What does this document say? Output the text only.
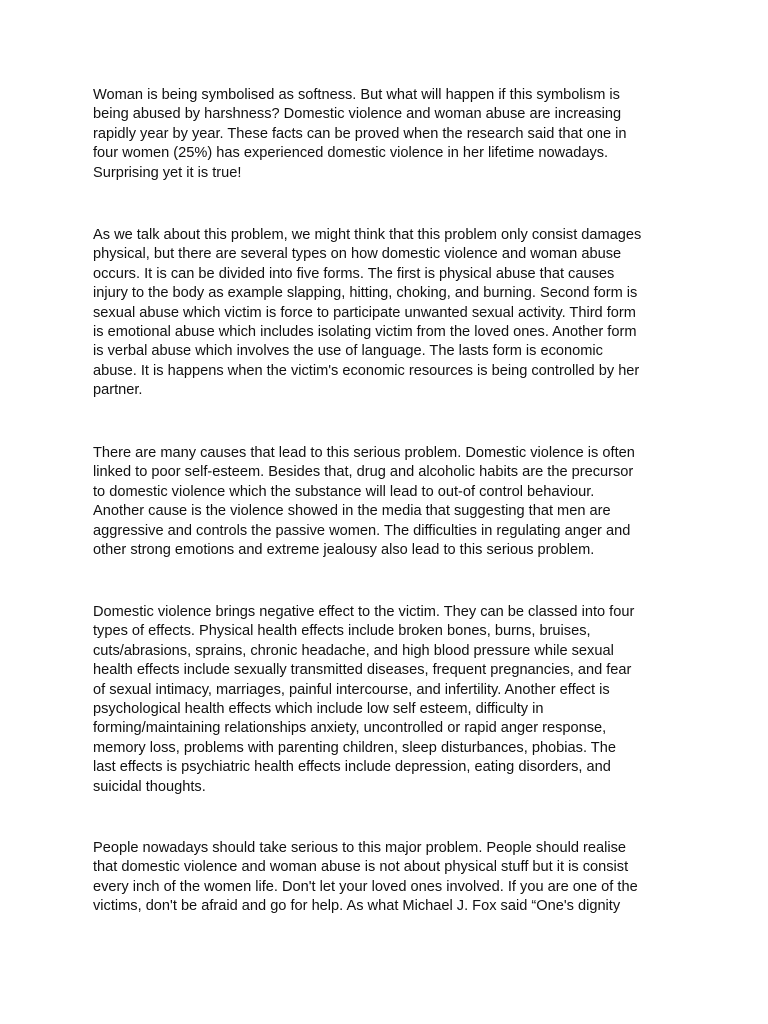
Woman is being symbolised as softness. But what will happen if this symbolism is
being abused by harshness? Domestic violence and woman abuse are increasing
rapidly year by year. These facts can be proved when the research said that one in
four women (25%) has experienced domestic violence in her lifetime nowadays.
Surprising yet it is true!

As we talk about this problem, we might think that this problem only consist damages
physical, but there are several types on how domestic violence and woman abuse
occurs. It is can be divided into five forms. The first is physical abuse that causes
injury to the body as example slapping, hitting, choking, and burning. Second form is
sexual abuse which victim is force to participate unwanted sexual activity. Third form
is emotional abuse which includes isolating victim from the loved ones. Another form
is verbal abuse which involves the use of language. The lasts form is economic
abuse. It is happens when the victim's economic resources is being controlled by her
partner.

There are many causes that lead to this serious problem. Domestic violence is often
linked to poor self-esteem. Besides that, drug and alcoholic habits are the precursor
to domestic violence which the substance will lead to out-of control behaviour.
Another cause is the violence showed in the media that suggesting that men are
aggressive and controls the passive women. The difficulties in regulating anger and
other strong emotions and extreme jealousy also lead to this serious problem.

Domestic violence brings negative effect to the victim. They can be classed into four
types of effects. Physical health effects include broken bones, burns, bruises,
cuts/abrasions, sprains, chronic headache, and high blood pressure while sexual
health effects include sexually transmitted diseases, frequent pregnancies, and fear
of sexual intimacy, marriages, painful intercourse, and infertility. Another effect is
psychological health effects which include low self esteem, difficulty in
forming/maintaining relationships anxiety, uncontrolled or rapid anger response,
memory loss, problems with parenting children, sleep disturbances, phobias. The
last effects is psychiatric health effects include depression, eating disorders, and
suicidal thoughts.

People nowadays should take serious to this major problem. People should realise
that domestic violence and woman abuse is not about physical stuff but it is consist
every inch of the women life. Don't let your loved ones involved. If you are one of the
victims, don't be afraid and go for help. As what Michael J. Fox said “One's dignity
